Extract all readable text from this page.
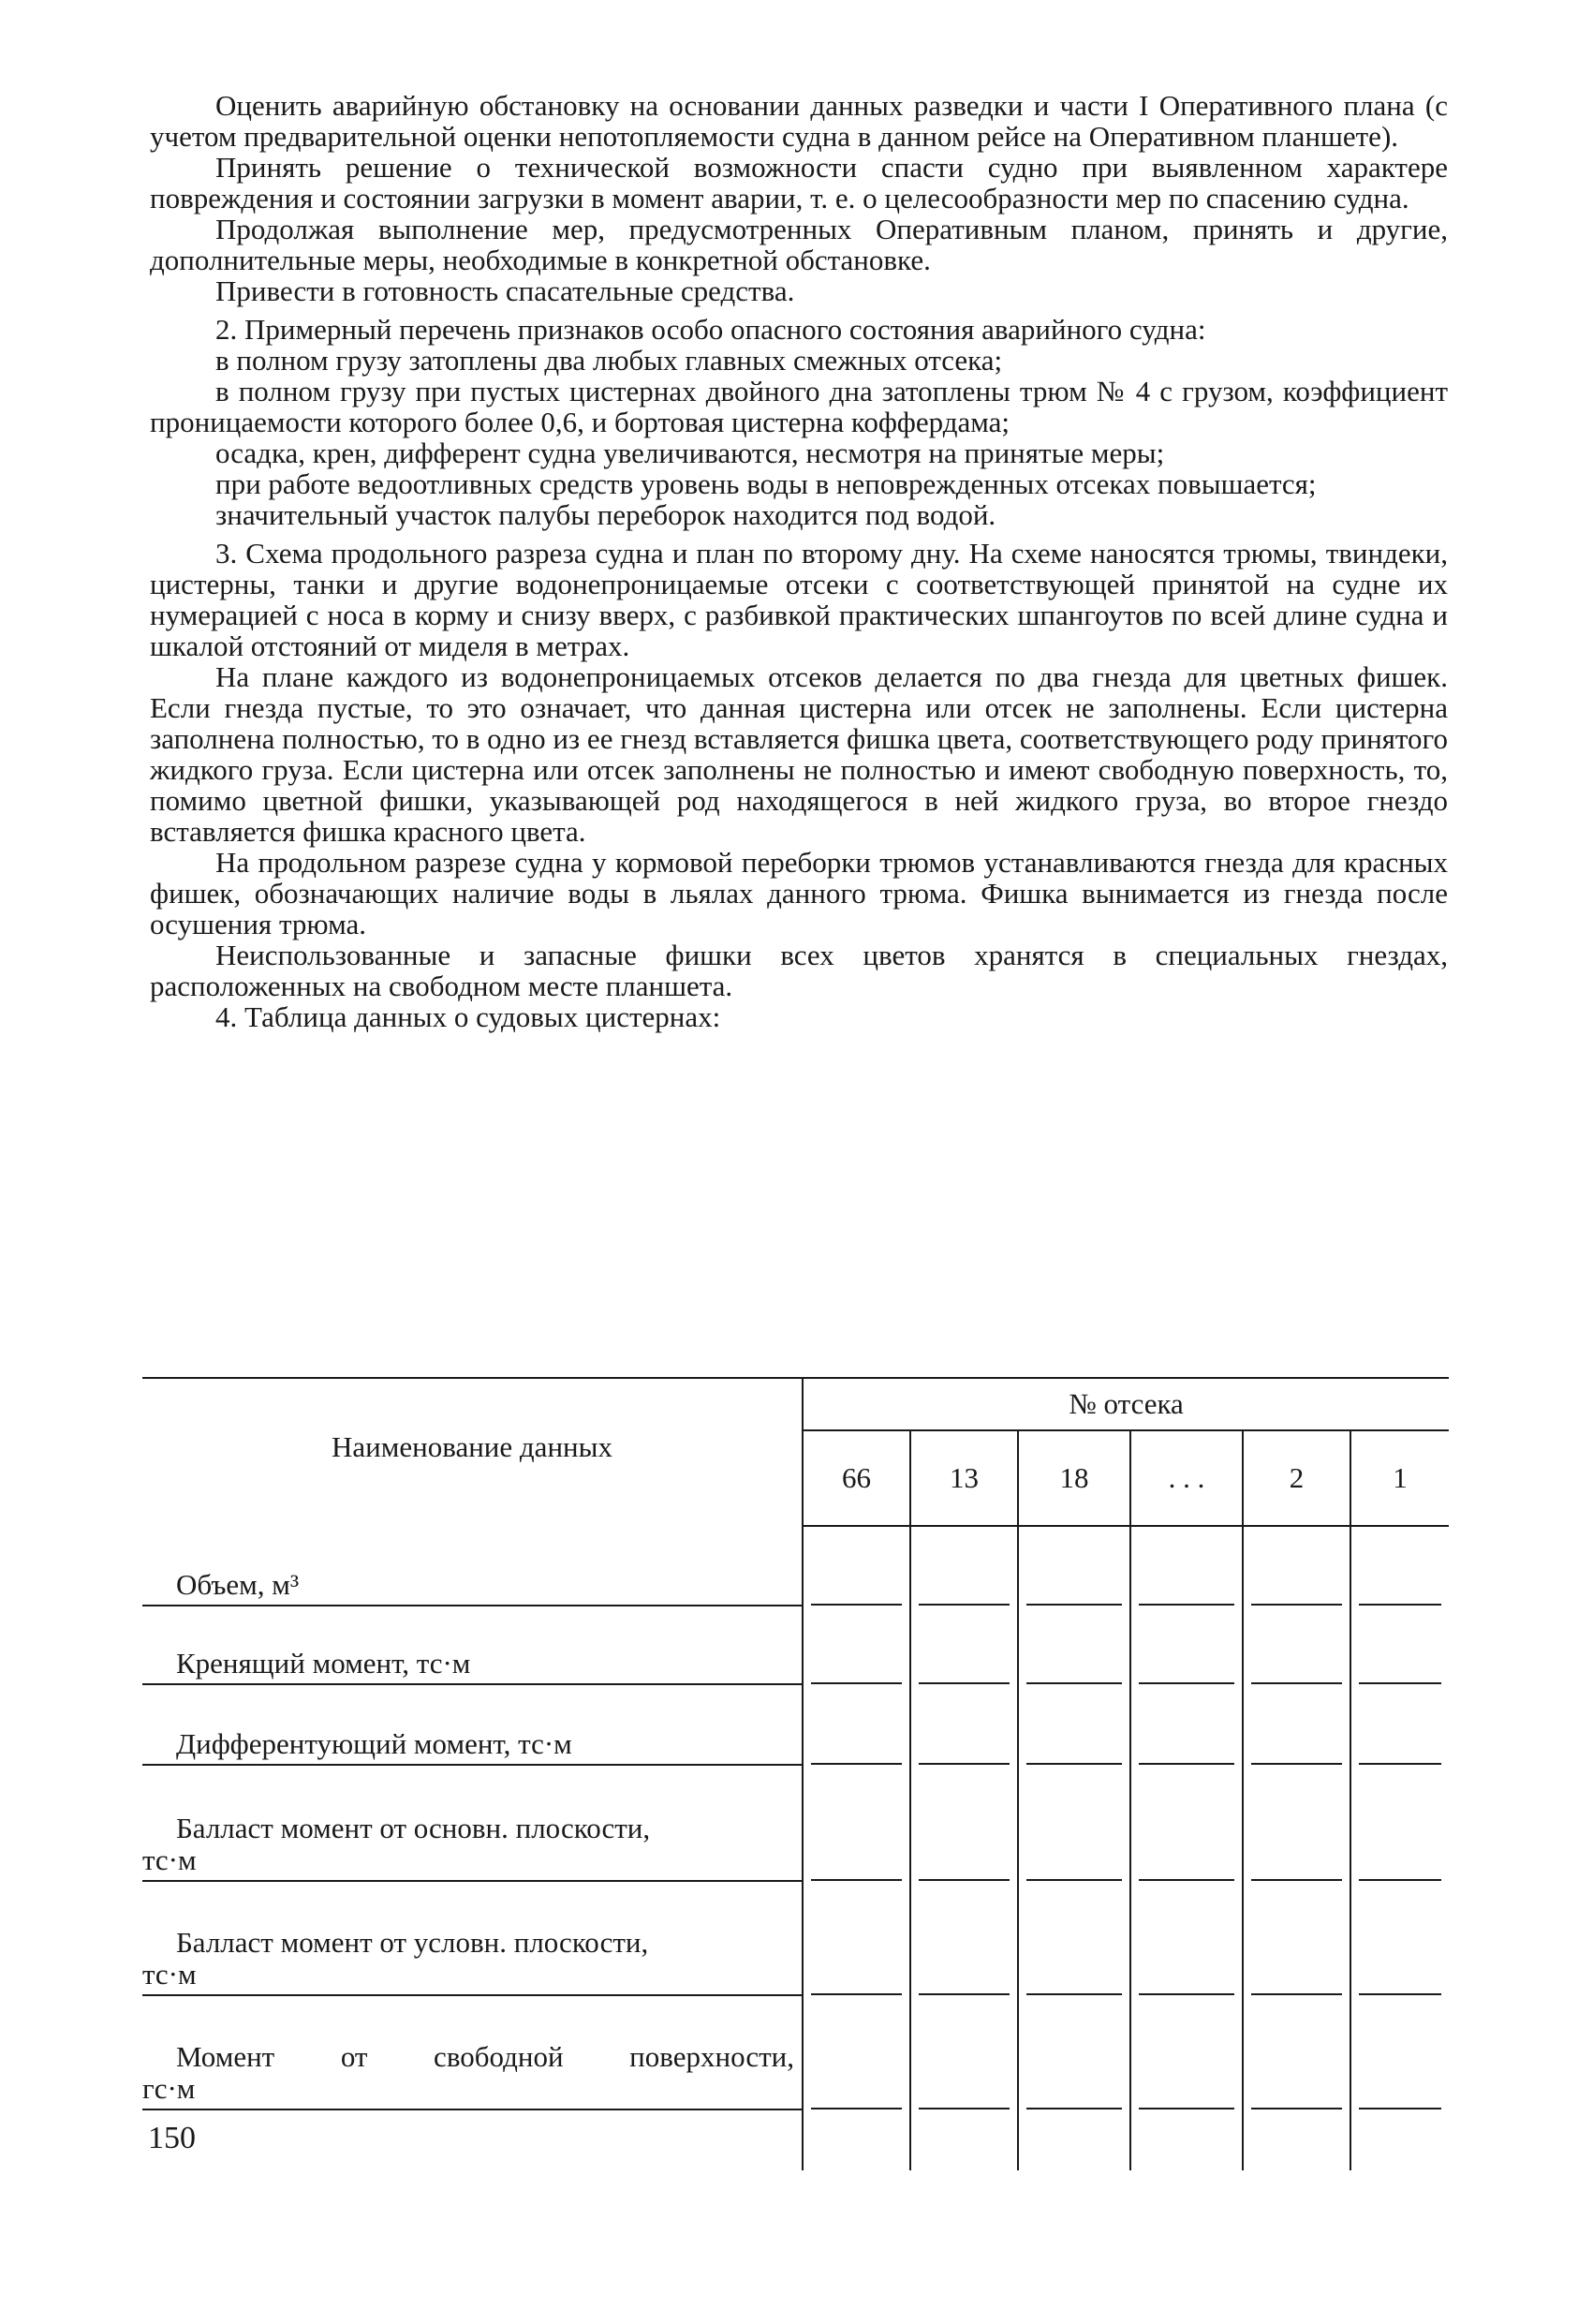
Оценить аварийную обстановку на основании данных разведки и части I Оперативного плана (с учетом предварительной оценки непотопляемости судна в данном рейсе на Оперативном планшете).

Принять решение о технической возможности спасти судно при выявленном характере повреждения и состоянии загрузки в момент аварии, т. е. о целесообразности мер по спасению судна.

Продолжая выполнение мер, предусмотренных Оперативным планом, принять и другие, дополнительные меры, необходимые в конкретной обстановке.

Привести в готовность спасательные средства.

2. Примерный перечень признаков особо опасного состояния аварийного судна:

в полном грузу затоплены два любых главных смежных отсека;

в полном грузу при пустых цистернах двойного дна затоплены трюм № 4 с грузом, коэффициент проницаемости которого более 0,6, и бортовая цистерна коффердама;

осадка, крен, дифферент судна увеличиваются, несмотря на принятые меры;

при работе ведоотливных средств уровень воды в неповрежденных отсеках повышается;

значительный участок палубы переборок находится под водой.

3. Схема продольного разреза судна и план по второму дну. На схеме наносятся трюмы, твиндеки, цистерны, танки и другие водонепроницаемые отсеки с соответствующей принятой на судне их нумерацией с носа в корму и снизу вверх, с разбивкой практических шпангоутов по всей длине судна и шкалой отстояний от миделя в метрах.

На плане каждого из водонепроницаемых отсеков делается по два гнезда для цветных фишек. Если гнезда пустые, то это означает, что данная цистерна или отсек не заполнены. Если цистерна заполнена полностью, то в одно из ее гнезд вставляется фишка цвета, соответствующего роду принятого жидкого груза. Если цистерна или отсек заполнены не полностью и имеют свободную поверхность, то, помимо цветной фишки, указывающей род находящегося в ней жидкого груза, во второе гнездо вставляется фишка красного цвета.

На продольном разрезе судна у кормовой переборки трюмов устанавливаются гнезда для красных фишек, обозначающих наличие воды в льялах данного трюма. Фишка вынимается из гнезда после осушения трюма.

Неиспользованные и запасные фишки всех цветов хранятся в специальных гнездах, расположенных на свободном месте планшета.

4. Таблица данных о судовых цистернах:

Наименование данных	№ отсека					
	66	13	18	. . .	2	1

Объем, м³						

Кренящий момент, тс·м						

Дифферентующий момент, тс·м						

Балласт момент от основн. плоскости,
тс·м						

Балласт момент от условн. плоскости,
тс·м						

Момент от свободной поверхности,
гс·м						

150
